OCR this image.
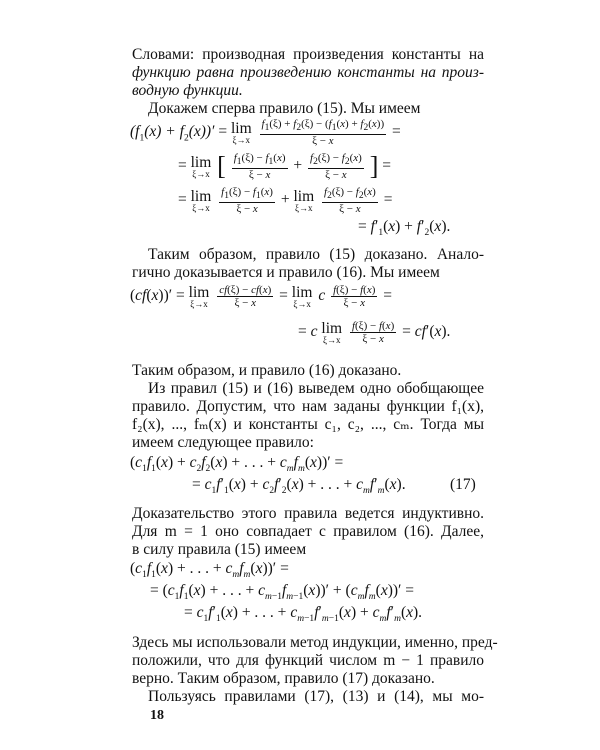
Словами: производная произведения константы на
функцию равна произведению константы на произ-
водную функции.
Докажем сперва правило (15). Мы имеем
$(f_1(x) + f_2(x))' = \lim$
ξ→x
$\frac{f_1(\xi) + f_2(\xi) - (f_1(x) + f_2(x))}{\xi - x}$ =
= lim
ξ→x [ $\frac{f_1(\xi) - f_1(x)}{\xi - x} + \frac{f_2(\xi) - f_2(x)}{\xi - x}$ ] =
= lim
ξ→x
$\frac{f_1(\xi) - f_1(x)}{\xi - x} + \lim$
ξ→x
$\frac{f_2(\xi) - f_2(x)}{\xi - x}$ =
= $f'_1(x) + f'_2(x)$.
Таким образом, правило (15) доказано. Анало-
гично доказывается и правило (16). Мы имеем
(cf(x))′ = lim
ξ→x
$\frac{cf(\xi) - cf(x)}{\xi - x} = \lim$
ξ→x c $\frac{f(\xi) - f(x)}{\xi - x}$ =
= c lim
ξ→x
$\frac{f(\xi) - f(x)}{\xi - x} = cf'(x)$.
Таким образом, и правило (16) доказано.
Из правил (15) и (16) выведем одно обобщающее
правило. Допустим, что нам заданы функции f₁(x),
f₂(x), ..., fₘ(x) и константы c₁, c₂, ..., cₘ. Тогда мы
имеем следующее правило:
($c_1f_1(x) + c_2f_2(x)$ + . . . + $c_mf_m(x))'$ =
= $c_1f'_1(x) + c_2f'_2(x)$ + . . . + $c_mf'_m(x)$.	(17)
Доказательство этого правила ведется индуктивно.
Для m = 1 оно совпадает с правилом (16). Далее,
в силу правила (15) имеем
($c_1f_1(x)$ + . . . + $c_mf_m(x))'$ =
= ($c_1f_1(x)$ + . . . + $c_{m-1}f_{m-1}(x))' + (c_mf_m(x))'$ =
= $c_1f'_1(x)$ + . . . + $c_{m-1}f'_{m-1}(x) + c_mf'_m(x)$.
Здесь мы использовали метод индукции, именно, пред-
положили, что для функций числом m − 1 правило
верно. Таким образом, правило (17) доказано.
Пользуясь правилами (17), (13) и (14), мы мо-
18
